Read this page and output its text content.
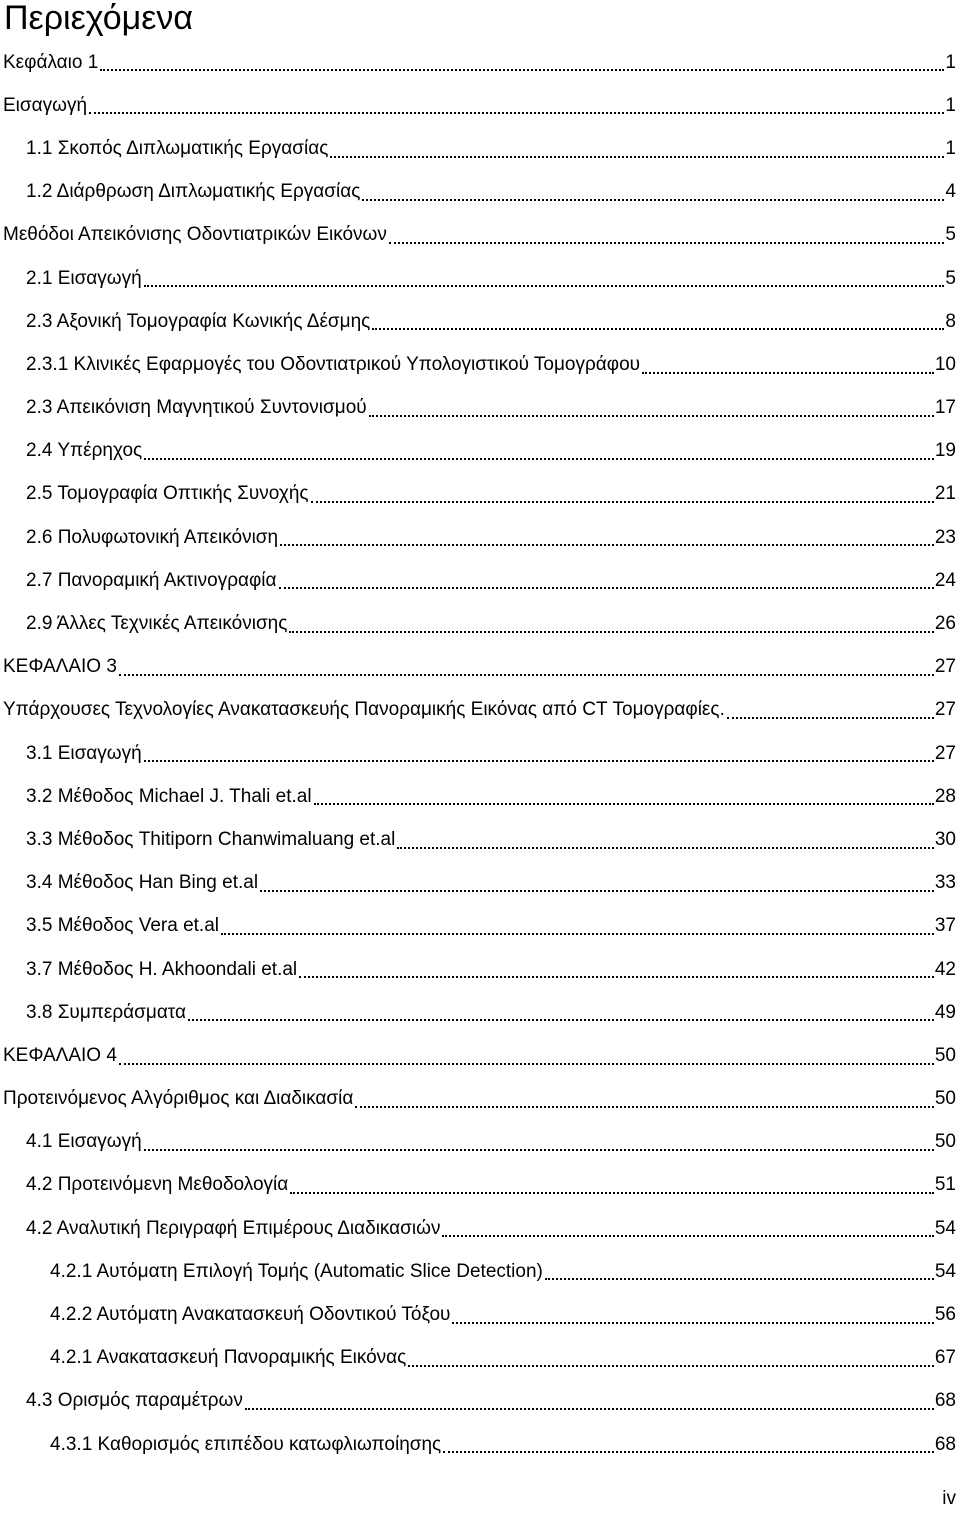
Περιεχόμενα
Κεφάλαιο 1	1
Εισαγωγή	1
1.1 Σκοπός Διπλωματικής Εργασίας	1
1.2 Διάρθρωση Διπλωματικής Εργασίας	4
Μεθόδοι Απεικόνισης Οδοντιατρικών Εικόνων	5
2.1 Εισαγωγή	5
2.3 Αξονική Τομογραφία Κωνικής Δέσμης	8
2.3.1 Κλινικές Εφαρμογές του Οδοντιατρικού Υπολογιστικού Τομογράφου	10
2.3 Απεικόνιση Μαγνητικού Συντονισμού	17
2.4 Υπέρηχος	19
2.5 Τομογραφία Οπτικής Συνοχής	21
2.6 Πολυφωτονική Απεικόνιση	23
2.7 Πανοραμική Ακτινογραφία	24
2.9 Άλλες Τεχνικές Απεικόνισης	26
ΚΕΦΑΛΑΙΟ 3	27
Υπάρχουσες Τεχνολογίες Ανακατασκευής Πανοραμικής Εικόνας από CT Τομογραφίες.	27
3.1 Εισαγωγή	27
3.2 Μέθοδος Michael J. Thali et.al	28
3.3 Μέθοδος Thitiporn Chanwimaluang et.al	30
3.4 Μέθοδος Han Bing et.al	33
3.5 Μέθοδος Vera et.al	37
3.7 Μέθοδος H. Akhoondali et.al	42
3.8 Συμπεράσματα	49
ΚΕΦΑΛΑΙΟ 4	50
Προτεινόμενος Αλγόριθμος και Διαδικασία	50
4.1 Εισαγωγή	50
4.2 Προτεινόμενη Μεθοδολογία	51
4.2 Αναλυτική Περιγραφή Επιμέρους Διαδικασιών	54
4.2.1 Αυτόματη Επιλογή Τομής (Automatic Slice Detection)	54
4.2.2 Αυτόματη Ανακατασκευή Οδοντικού Τόξου	56
4.2.1 Ανακατασκευή Πανοραμικής Εικόνας	67
4.3 Ορισμός παραμέτρων	68
4.3.1 Καθορισμός επιπέδου κατωφλιωποίησης	68
iv
